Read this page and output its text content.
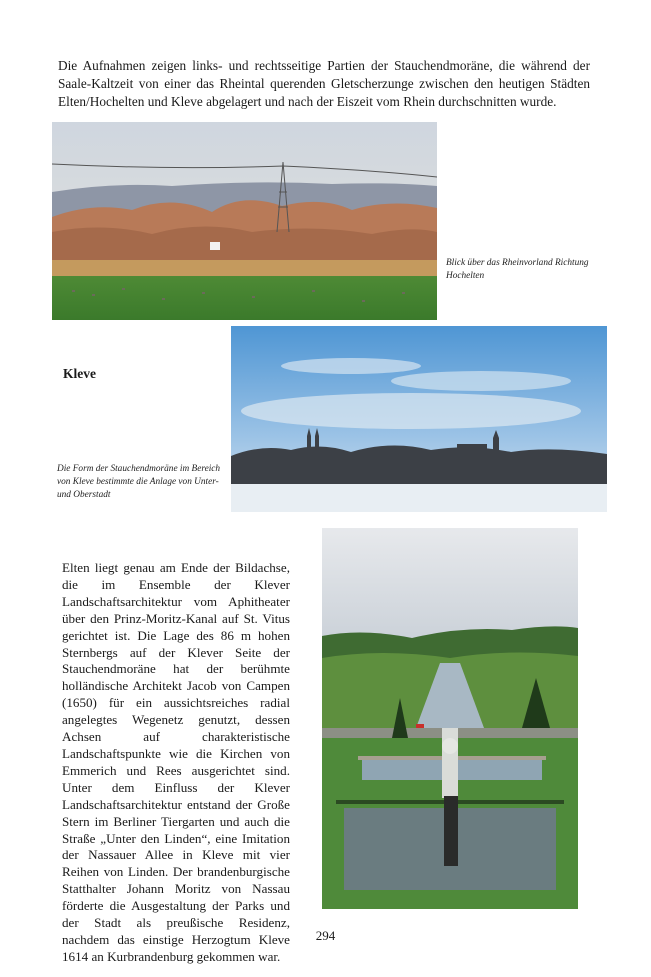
Die Aufnahmen zeigen links- und rechtsseitige Partien der Stauchendmoräne, die während der Saale-Kaltzeit von einer das Rheintal querenden Gletscherzunge zwischen den heutigen Städten Elten/Hochelten und Kleve abgelagert und nach der Eiszeit vom Rhein durchschnitten wurde.

Blick über das Rheinvorland Richtung Hochelten

Kleve

Die Form der Stauchendmoräne im Bereich von Kleve bestimmte die Anlage von Unter- und Oberstadt

Elten liegt genau am Ende der Bildachse, die im Ensemble der Klever Landschaftsarchitektur vom Aphitheater über den Prinz-Moritz-Kanal auf St. Vitus gerichtet ist. Die Lage des 86 m hohen Sternbergs auf der Klever Seite der Stauchendmoräne hat der berühmte holländische Architekt Jacob von Campen (1650) für ein aussichtsreiches radial angelegtes Wegenetz genutzt, dessen Achsen auf charakteristische Landschaftspunkte wie die Kirchen von Emmerich und Rees ausgerichtet sind. Unter dem Einfluss der Klever Landschaftsarchitektur entstand der Große Stern im Berliner Tiergarten und auch die Straße „Unter den Linden“, eine Imitation der Nassauer Allee in Kleve mit vier Reihen von Linden. Der brandenburgische Statthalter Johann Moritz von Nassau förderte die Ausgestaltung der Parks und der Stadt als preußische Residenz, nachdem das einstige Herzogtum Kleve 1614 an Kurbrandenburg gekommen war.

294
